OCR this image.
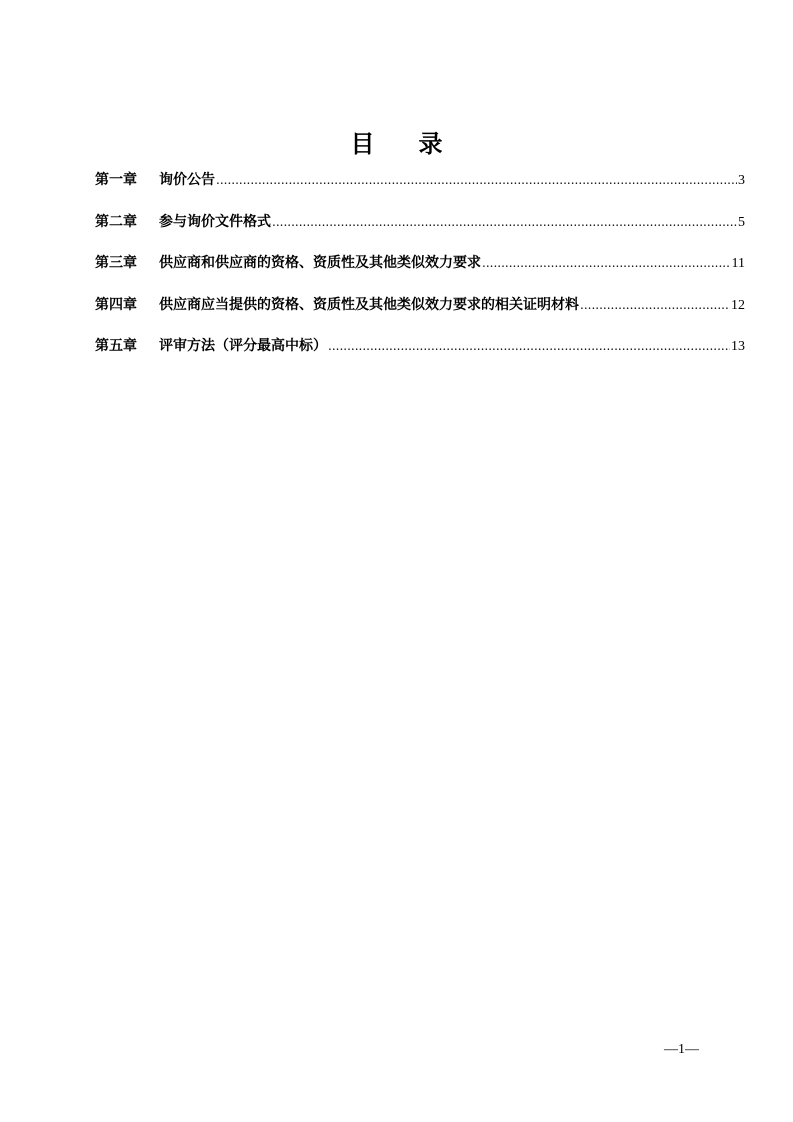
目 录
第一章	询价公告 .....	3
第二章	参与询价文件格式 .....	5
第三章	供应商和供应商的资格、资质性及其他类似效力要求 .....	11
第四章	供应商应当提供的资格、资质性及其他类似效力要求的相关证明材料 .....	12
第五章	评审方法（评分最高中标） .....	13
—1—
